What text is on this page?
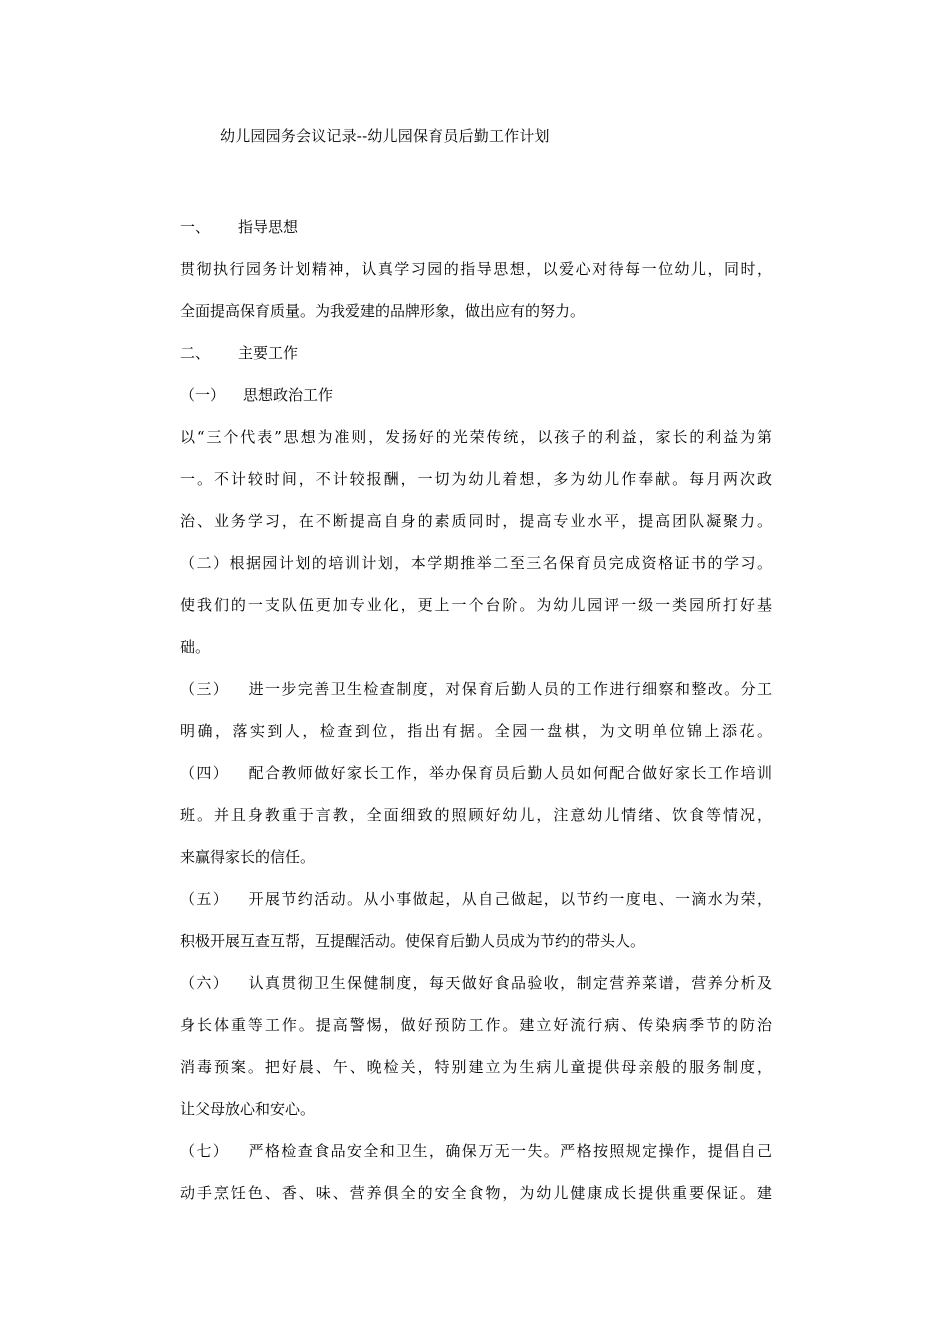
幼儿园园务会议记录--幼儿园保育员后勤工作计划
一、 指导思想
贯彻执行园务计划精神，认真学习园的指导思想，以爱心对待每一位幼儿，同时，
全面提高保育质量。为我爱建的品牌形象，做出应有的努力。
二、 主要工作
（一） 思想政治工作
以“三个代表”思想为准则，发扬好的光荣传统，以孩子的利益，家长的利益为第
一。不计较时间，不计较报酬，一切为幼儿着想，多为幼儿作奉献。每月两次政
治、业务学习，在不断提高自身的素质同时，提高专业水平，提高团队凝聚力。
（二）根据园计划的培训计划，本学期推举二至三名保育员完成资格证书的学习。
使我们的一支队伍更加专业化，更上一个台阶。为幼儿园评一级一类园所打好基
础。
（三） 进一步完善卫生检查制度，对保育后勤人员的工作进行细察和整改。分工
明确，落实到人，检查到位，指出有据。全园一盘棋，为文明单位锦上添花。
（四） 配合教师做好家长工作，举办保育员后勤人员如何配合做好家长工作培训
班。并且身教重于言教，全面细致的照顾好幼儿，注意幼儿情绪、饮食等情况，
来赢得家长的信任。
（五） 开展节约活动。从小事做起，从自己做起，以节约一度电、一滴水为荣，
积极开展互查互帮，互提醒活动。使保育后勤人员成为节约的带头人。
（六） 认真贯彻卫生保健制度，每天做好食品验收，制定营养菜谱，营养分析及
身长体重等工作。提高警惕，做好预防工作。建立好流行病、传染病季节的防治
消毒预案。把好晨、午、晚检关，特别建立为生病儿童提供母亲般的服务制度，
让父母放心和安心。
（七） 严格检查食品安全和卫生，确保万无一失。严格按照规定操作，提倡自己
动手烹饪色、香、味、营养俱全的安全食物，为幼儿健康成长提供重要保证。建
